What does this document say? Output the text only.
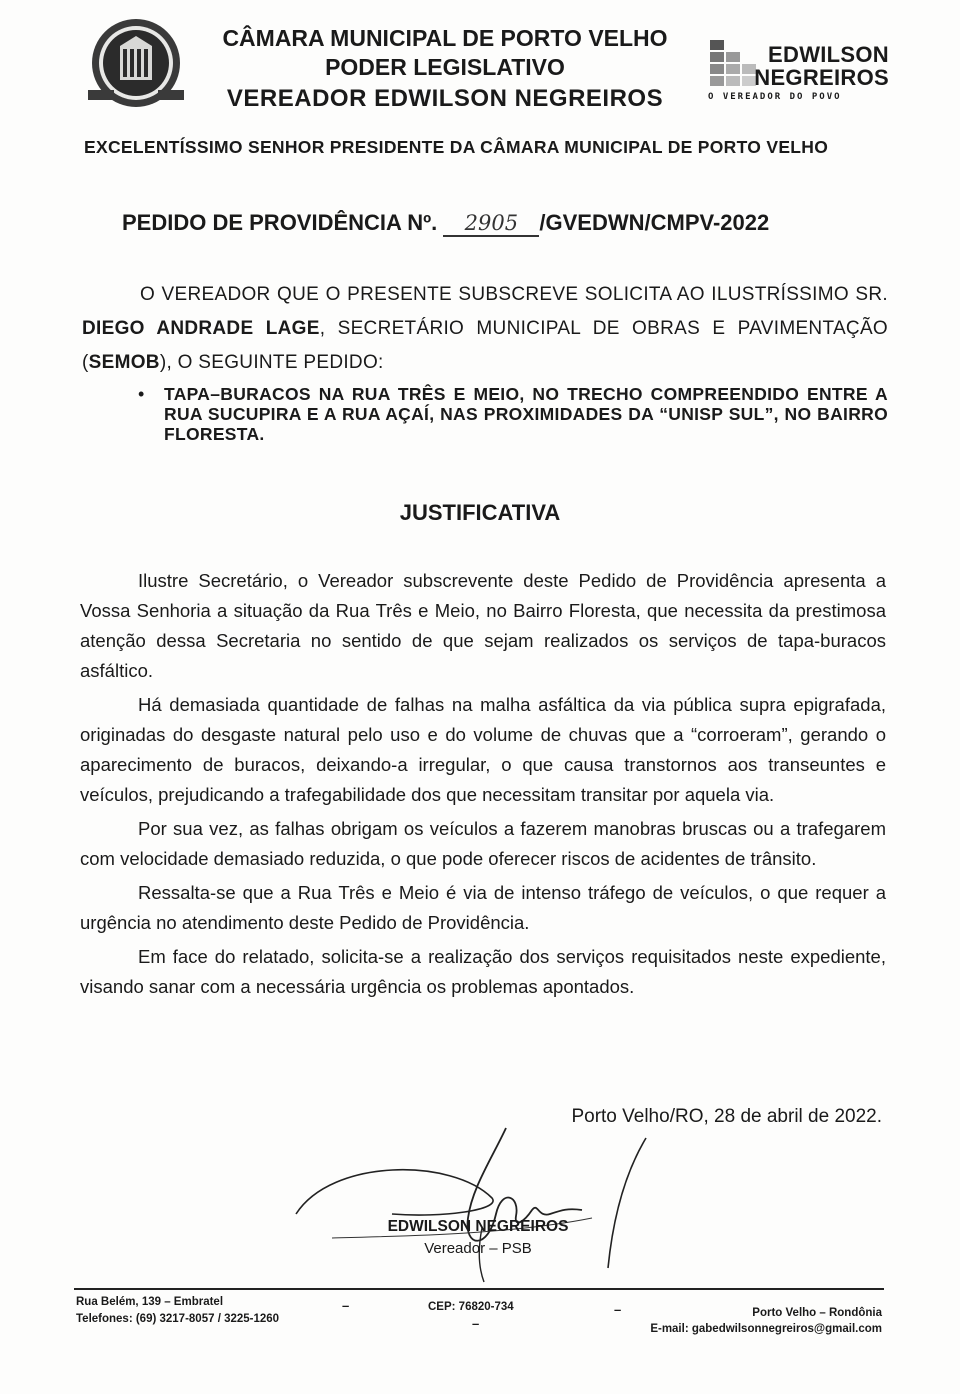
CÂMARA MUNICIPAL DE PORTO VELHO
PODER LEGISLATIVO
VEREADOR EDWILSON NEGREIROS
EDWILSON
NEGREIROS
O VEREADOR DO POVO
EXCELENTÍSSIMO SENHOR PRESIDENTE DA CÂMARA MUNICIPAL DE PORTO VELHO
PEDIDO DE PROVIDÊNCIA Nº. 2905 /GVEDWN/CMPV-2022
O VEREADOR QUE O PRESENTE SUBSCREVE SOLICITA AO ILUSTRÍSSIMO SR. DIEGO ANDRADE LAGE, SECRETÁRIO MUNICIPAL DE OBRAS E PAVIMENTAÇÃO (SEMOB), O SEGUINTE PEDIDO:
• TAPA–BURACOS NA RUA TRÊS E MEIO, NO TRECHO COMPREENDIDO ENTRE A RUA SUCUPIRA E A RUA AÇAÍ, NAS PROXIMIDADES DA “UNISP SUL”, NO BAIRRO FLORESTA.
JUSTIFICATIVA

Ilustre Secretário, o Vereador subscrevente deste Pedido de Providência apresenta a Vossa Senhoria a situação da Rua Três e Meio, no Bairro Floresta, que necessita da prestimosa atenção dessa Secretaria no sentido de que sejam realizados os serviços de tapa-buracos asfáltico.

Há demasiada quantidade de falhas na malha asfáltica da via pública supra epigrafada, originadas do desgaste natural pelo uso e do volume de chuvas que a “corroeram”, gerando o aparecimento de buracos, deixando-a irregular, o que causa transtornos aos transeuntes e veículos, prejudicando a trafegabilidade dos que necessitam transitar por aquela via.

Por sua vez, as falhas obrigam os veículos a fazerem manobras bruscas ou a trafegarem com velocidade demasiado reduzida, o que pode oferecer riscos de acidentes de trânsito.

Ressalta-se que a Rua Três e Meio é via de intenso tráfego de veículos, o que requer a urgência no atendimento deste Pedido de Providência.

Em face do relatado, solicita-se a realização dos serviços requisitados neste expediente, visando sanar com a necessária urgência os problemas apontados.

Porto Velho/RO, 28 de abril de 2022.
EDWILSON NEGREIROS
Vereador – PSB
Rua Belém, 139 – Embratel
Telefones: (69) 3217-8057 / 3225-1260
–	CEP: 76820-734
–
–	Porto Velho – Rondônia
E-mail: gabedwilsonnegreiros@gmail.com
